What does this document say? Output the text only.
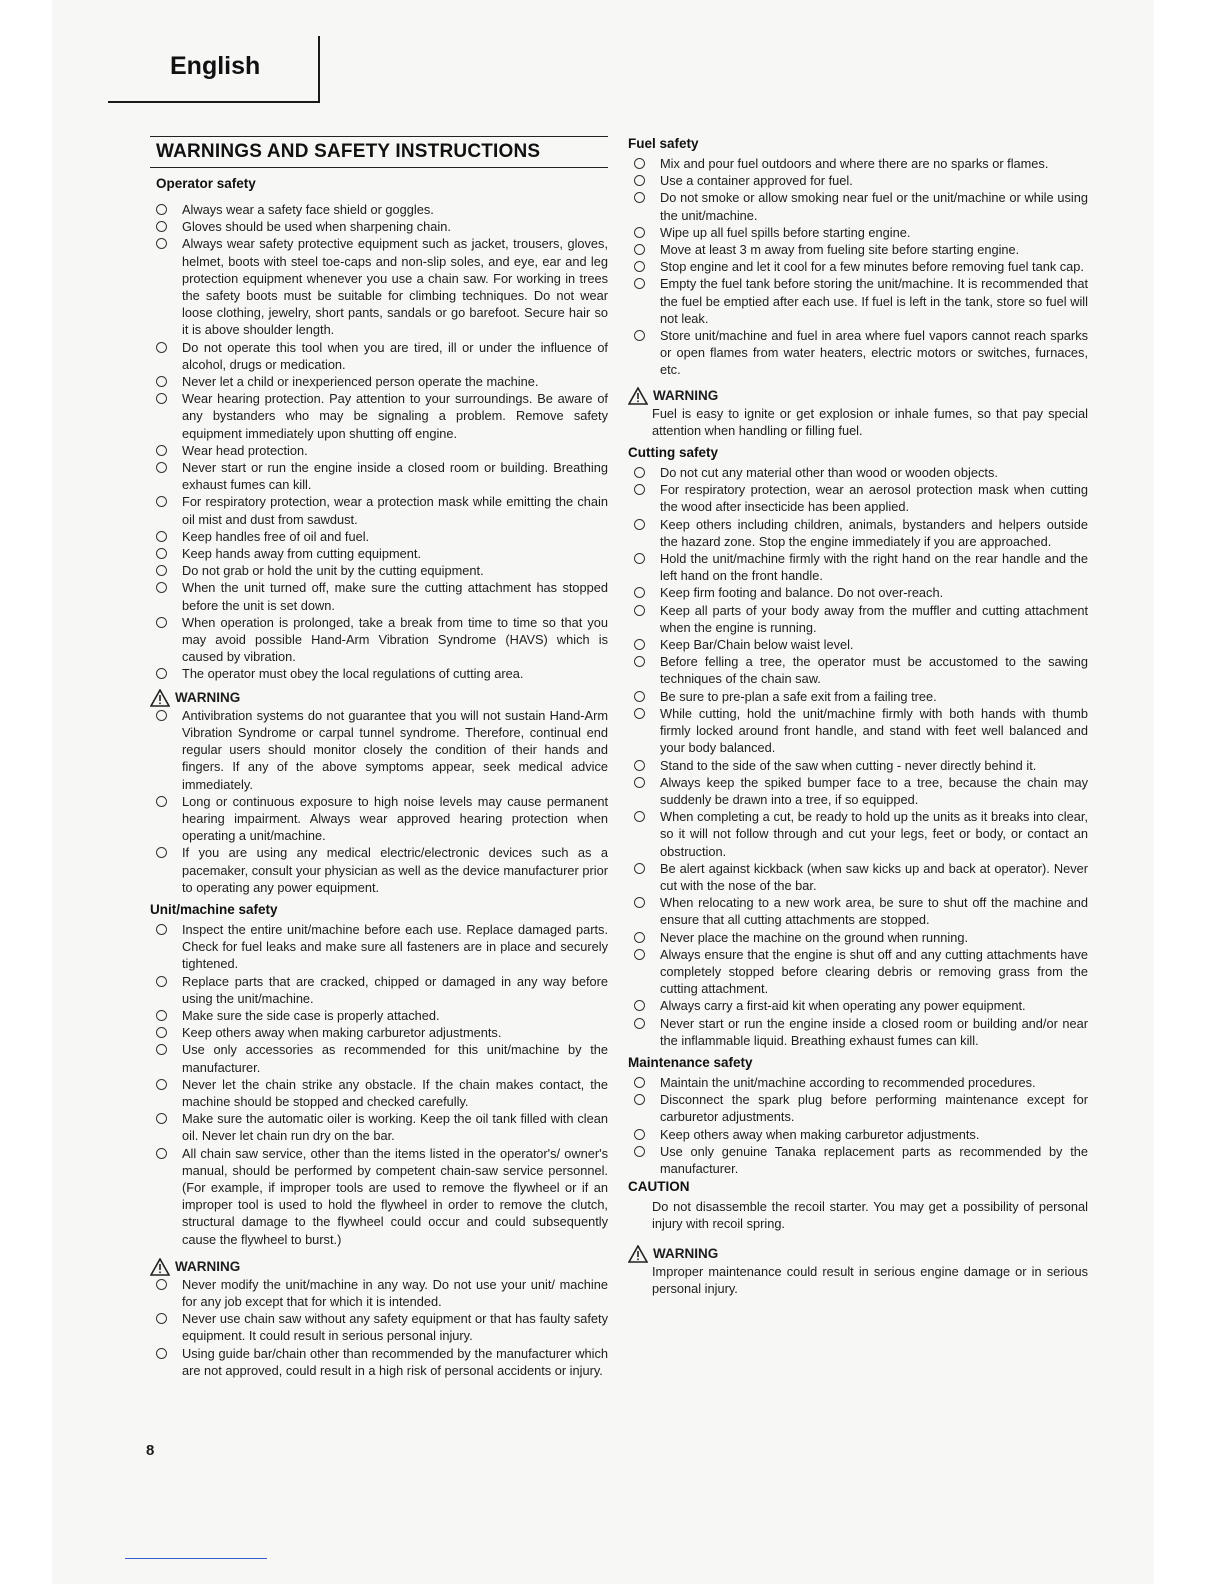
English
WARNINGS AND SAFETY INSTRUCTIONS
Operator safety
Always wear a safety face shield or goggles.
Gloves should be used when sharpening chain.
Always wear safety protective equipment such as jacket, trousers, gloves, helmet, boots with steel toe-caps and non-slip soles, and eye, ear and leg protection equipment whenever you use a chain saw. For working in trees the safety boots must be suitable for climbing techniques. Do not wear loose clothing, jewelry, short pants, sandals or go barefoot. Secure hair so it is above shoulder length.
Do not operate this tool when you are tired, ill or under the influence of alcohol, drugs or medication.
Never let a child or inexperienced person operate the machine.
Wear hearing protection. Pay attention to your surroundings. Be aware of any bystanders who may be signaling a problem. Remove safety equipment immediately upon shutting off engine.
Wear head protection.
Never start or run the engine inside a closed room or building. Breathing exhaust fumes can kill.
For respiratory protection, wear a protection mask while emitting the chain oil mist and dust from sawdust.
Keep handles free of oil and fuel.
Keep hands away from cutting equipment.
Do not grab or hold the unit by the cutting equipment.
When the unit turned off, make sure the cutting attachment has stopped before the unit is set down.
When operation is prolonged, take a break from time to time so that you may avoid possible Hand-Arm Vibration Syndrome (HAVS) which is caused by vibration.
The operator must obey the local regulations of cutting area.
WARNING
Antivibration systems do not guarantee that you will not sustain Hand-Arm Vibration Syndrome or carpal tunnel syndrome. Therefore, continual end regular users should monitor closely the condition of their hands and fingers. If any of the above symptoms appear, seek medical advice immediately.
Long or continuous exposure to high noise levels may cause permanent hearing impairment. Always wear approved hearing protection when operating a unit/machine.
If you are using any medical electric/electronic devices such as a pacemaker, consult your physician as well as the device manufacturer prior to operating any power equipment.
Unit/machine safety
Inspect the entire unit/machine before each use. Replace damaged parts. Check for fuel leaks and make sure all fasteners are in place and securely tightened.
Replace parts that are cracked, chipped or damaged in any way before using the unit/machine.
Make sure the side case is properly attached.
Keep others away when making carburetor adjustments.
Use only accessories as recommended for this unit/machine by the manufacturer.
Never let the chain strike any obstacle. If the chain makes contact, the machine should be stopped and checked carefully.
Make sure the automatic oiler is working. Keep the oil tank filled with clean oil. Never let chain run dry on the bar.
All chain saw service, other than the items listed in the operator's/ owner's manual, should be performed by competent chain-saw service personnel. (For example, if improper tools are used to remove the flywheel or if an improper tool is used to hold the flywheel in order to remove the clutch, structural damage to the flywheel could occur and could subsequently cause the flywheel to burst.)
WARNING
Never modify the unit/machine in any way. Do not use your unit/ machine for any job except that for which it is intended.
Never use chain saw without any safety equipment or that has faulty safety equipment. It could result in serious personal injury.
Using guide bar/chain other than recommended by the manufacturer which are not approved, could result in a high risk of personal accidents or injury.
Fuel safety
Mix and pour fuel outdoors and where there are no sparks or flames.
Use a container approved for fuel.
Do not smoke or allow smoking near fuel or the unit/machine or while using the unit/machine.
Wipe up all fuel spills before starting engine.
Move at least 3 m away from fueling site before starting engine.
Stop engine and let it cool for a few minutes before removing fuel tank cap.
Empty the fuel tank before storing the unit/machine. It is recommended that the fuel be emptied after each use. If fuel is left in the tank, store so fuel will not leak.
Store unit/machine and fuel in area where fuel vapors cannot reach sparks or open flames from water heaters, electric motors or switches, furnaces, etc.
WARNING
Fuel is easy to ignite or get explosion or inhale fumes, so that pay special attention when handling or filling fuel.
Cutting safety
Do not cut any material other than wood or wooden objects.
For respiratory protection, wear an aerosol protection mask when cutting the wood after insecticide has been applied.
Keep others including children, animals, bystanders and helpers outside the hazard zone. Stop the engine immediately if you are approached.
Hold the unit/machine firmly with the right hand on the rear handle and the left hand on the front handle.
Keep firm footing and balance. Do not over-reach.
Keep all parts of your body away from the muffler and cutting attachment when the engine is running.
Keep Bar/Chain below waist level.
Before felling a tree, the operator must be accustomed to the sawing techniques of the chain saw.
Be sure to pre-plan a safe exit from a failing tree.
While cutting, hold the unit/machine firmly with both hands with thumb firmly locked around front handle, and stand with feet well balanced and your body balanced.
Stand to the side of the saw when cutting - never directly behind it.
Always keep the spiked bumper face to a tree, because the chain may suddenly be drawn into a tree, if so equipped.
When completing a cut, be ready to hold up the units as it breaks into clear, so it will not follow through and cut your legs, feet or body, or contact an obstruction.
Be alert against kickback (when saw kicks up and back at operator). Never cut with the nose of the bar.
When relocating to a new work area, be sure to shut off the machine and ensure that all cutting attachments are stopped.
Never place the machine on the ground when running.
Always ensure that the engine is shut off and any cutting attachments have completely stopped before clearing debris or removing grass from the cutting attachment.
Always carry a first-aid kit when operating any power equipment.
Never start or run the engine inside a closed room or building and/or near the inflammable liquid. Breathing exhaust fumes can kill.
Maintenance safety
Maintain the unit/machine according to recommended procedures.
Disconnect the spark plug before performing maintenance except for carburetor adjustments.
Keep others away when making carburetor adjustments.
Use only genuine Tanaka replacement parts as recommended by the manufacturer.
CAUTION
Do not disassemble the recoil starter. You may get a possibility of personal injury with recoil spring.
WARNING
Improper maintenance could result in serious engine damage or in serious personal injury.
8
